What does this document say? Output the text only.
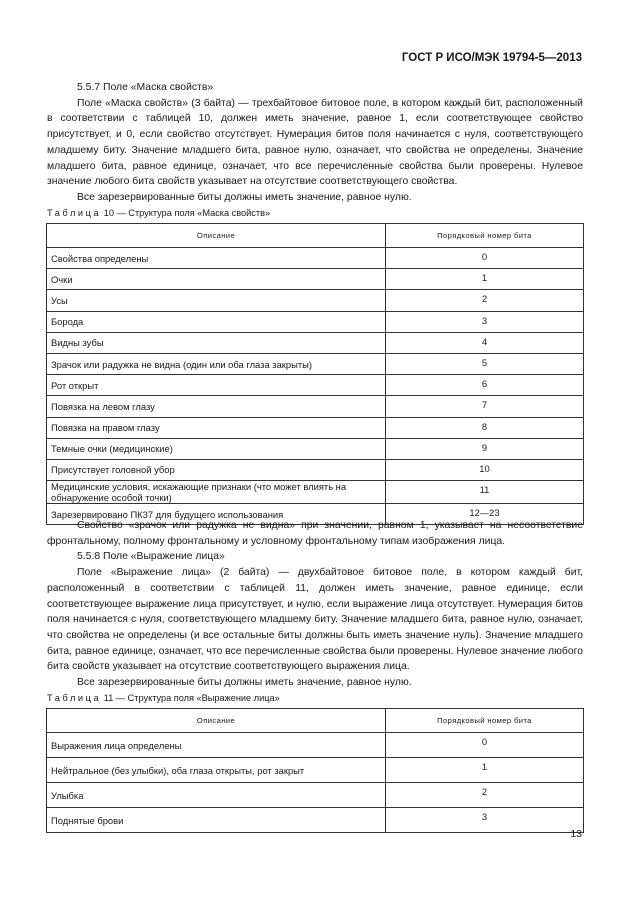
ГОСТ Р ИСО/МЭК 19794-5—2013

5.5.7 Поле «Маска свойств»

Поле «Маска свойств» (3 байта) — трехбайтовое битовое поле, в котором каждый бит, расположенный в соответствии с таблицей 10, должен иметь значение, равное 1, если соответствующее свойство присутствует, и 0, если свойство отсутствует. Нумерация битов поля начинается с нуля, соответствующего младшему биту. Значение младшего бита, равное нулю, означает, что свойства не определены. Значение младшего бита, равное единице, означает, что все перечисленные свойства были проверены. Нулевое значение любого бита свойств указывает на отсутствие соответствующего свойства.

Все зарезервированные биты должны иметь значение, равное нулю.

Таблица 10 — Структура поля «Маска свойств»
Описание	Порядковый номер бита
Свойства определены	0
Очки	1
Усы	2
Борода	3
Видны зубы	4
Зрачок или радужка не видна (один или оба глаза закрыты)	5
Рот открыт	6
Повязка на левом глазу	7
Повязка на правом глазу	8
Темные очки (медицинские)	9
Присутствует головной убор	10
Медицинские условия, искажающие признаки (что может влиять на обнаружение особой точки)	11
Зарезервировано ПК37 для будущего использования	12—23

Свойство «зрачок или радужка не видна» при значении, равном 1, указывает на несоответствие фронтальному, полному фронтальному и условному фронтальному типам изображения лица.

5.5.8 Поле «Выражение лица»

Поле «Выражение лица» (2 байта) — двухбайтовое битовое поле, в котором каждый бит, расположенный в соответствии с таблицей 11, должен иметь значение, равное единице, если соответствующее выражение лица присутствует, и нулю, если выражение лица отсутствует. Нумерация битов поля начинается с нуля, соответствующего младшему биту. Значение младшего бита, равное нулю, означает, что свойства не определены (и все остальные биты должны быть иметь значение нуль). Значение младшего бита, равное единице, означает, что все перечисленные свойства были проверены. Нулевое значение любого бита свойств указывает на отсутствие соответствующего выражения лица.

Все зарезервированные биты должны иметь значение, равное нулю.

Таблица 11 — Структура поля «Выражение лица»
Описание	Порядковый номер бита
Выражения лица определены	0
Нейтральное (без улыбки), оба глаза открыты, рот закрыт	1
Улыбка	2
Поднятые брови	3
13
